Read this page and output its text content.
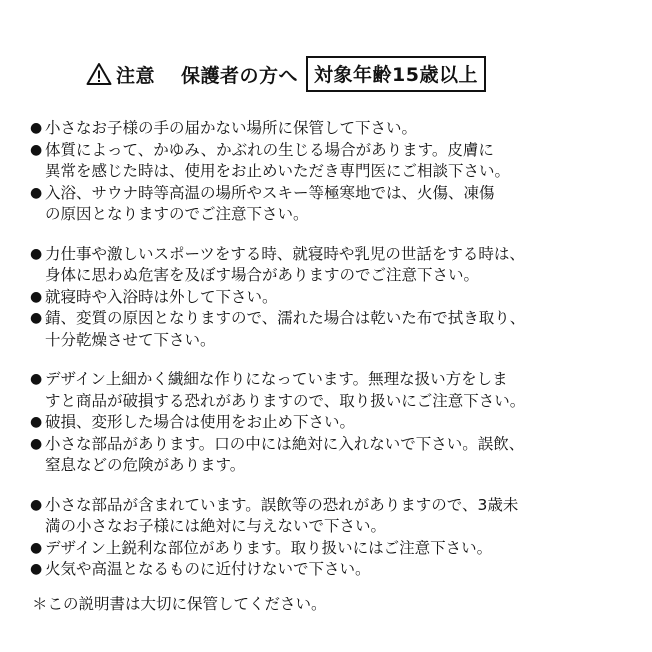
注意 保護者の方へ 対象年齢15歳以上
● 小さなお子様の手の届かない場所に保管して下さい。
● 体質によって、かゆみ、かぶれの生じる場合があります。皮膚に
異常を感じた時は、使用をお止めいただき専門医にご相談下さい。
● 入浴、サウナ時等高温の場所やスキー等極寒地では、火傷、凍傷
の原因となりますのでご注意下さい。
● 力仕事や激しいスポーツをする時、就寝時や乳児の世話をする時は、
身体に思わぬ危害を及ぼす場合がありますのでご注意下さい。
● 就寝時や入浴時は外して下さい。
● 錆、変質の原因となりますので、濡れた場合は乾いた布で拭き取り、
十分乾燥させて下さい。
● デザイン上細かく繊細な作りになっています。無理な扱い方をしま
すと商品が破損する恐れがありますので、取り扱いにご注意下さい。
● 破損、変形した場合は使用をお止め下さい。
● 小さな部品があります。口の中には絶対に入れないで下さい。誤飲、
窒息などの危険があります。
● 小さな部品が含まれています。誤飲等の恐れがありますので、3歳未
満の小さなお子様には絶対に与えないで下さい。
● デザイン上鋭利な部位があります。取り扱いにはご注意下さい。
● 火気や高温となるものに近付けないで下さい。
＊この説明書は大切に保管してください。
